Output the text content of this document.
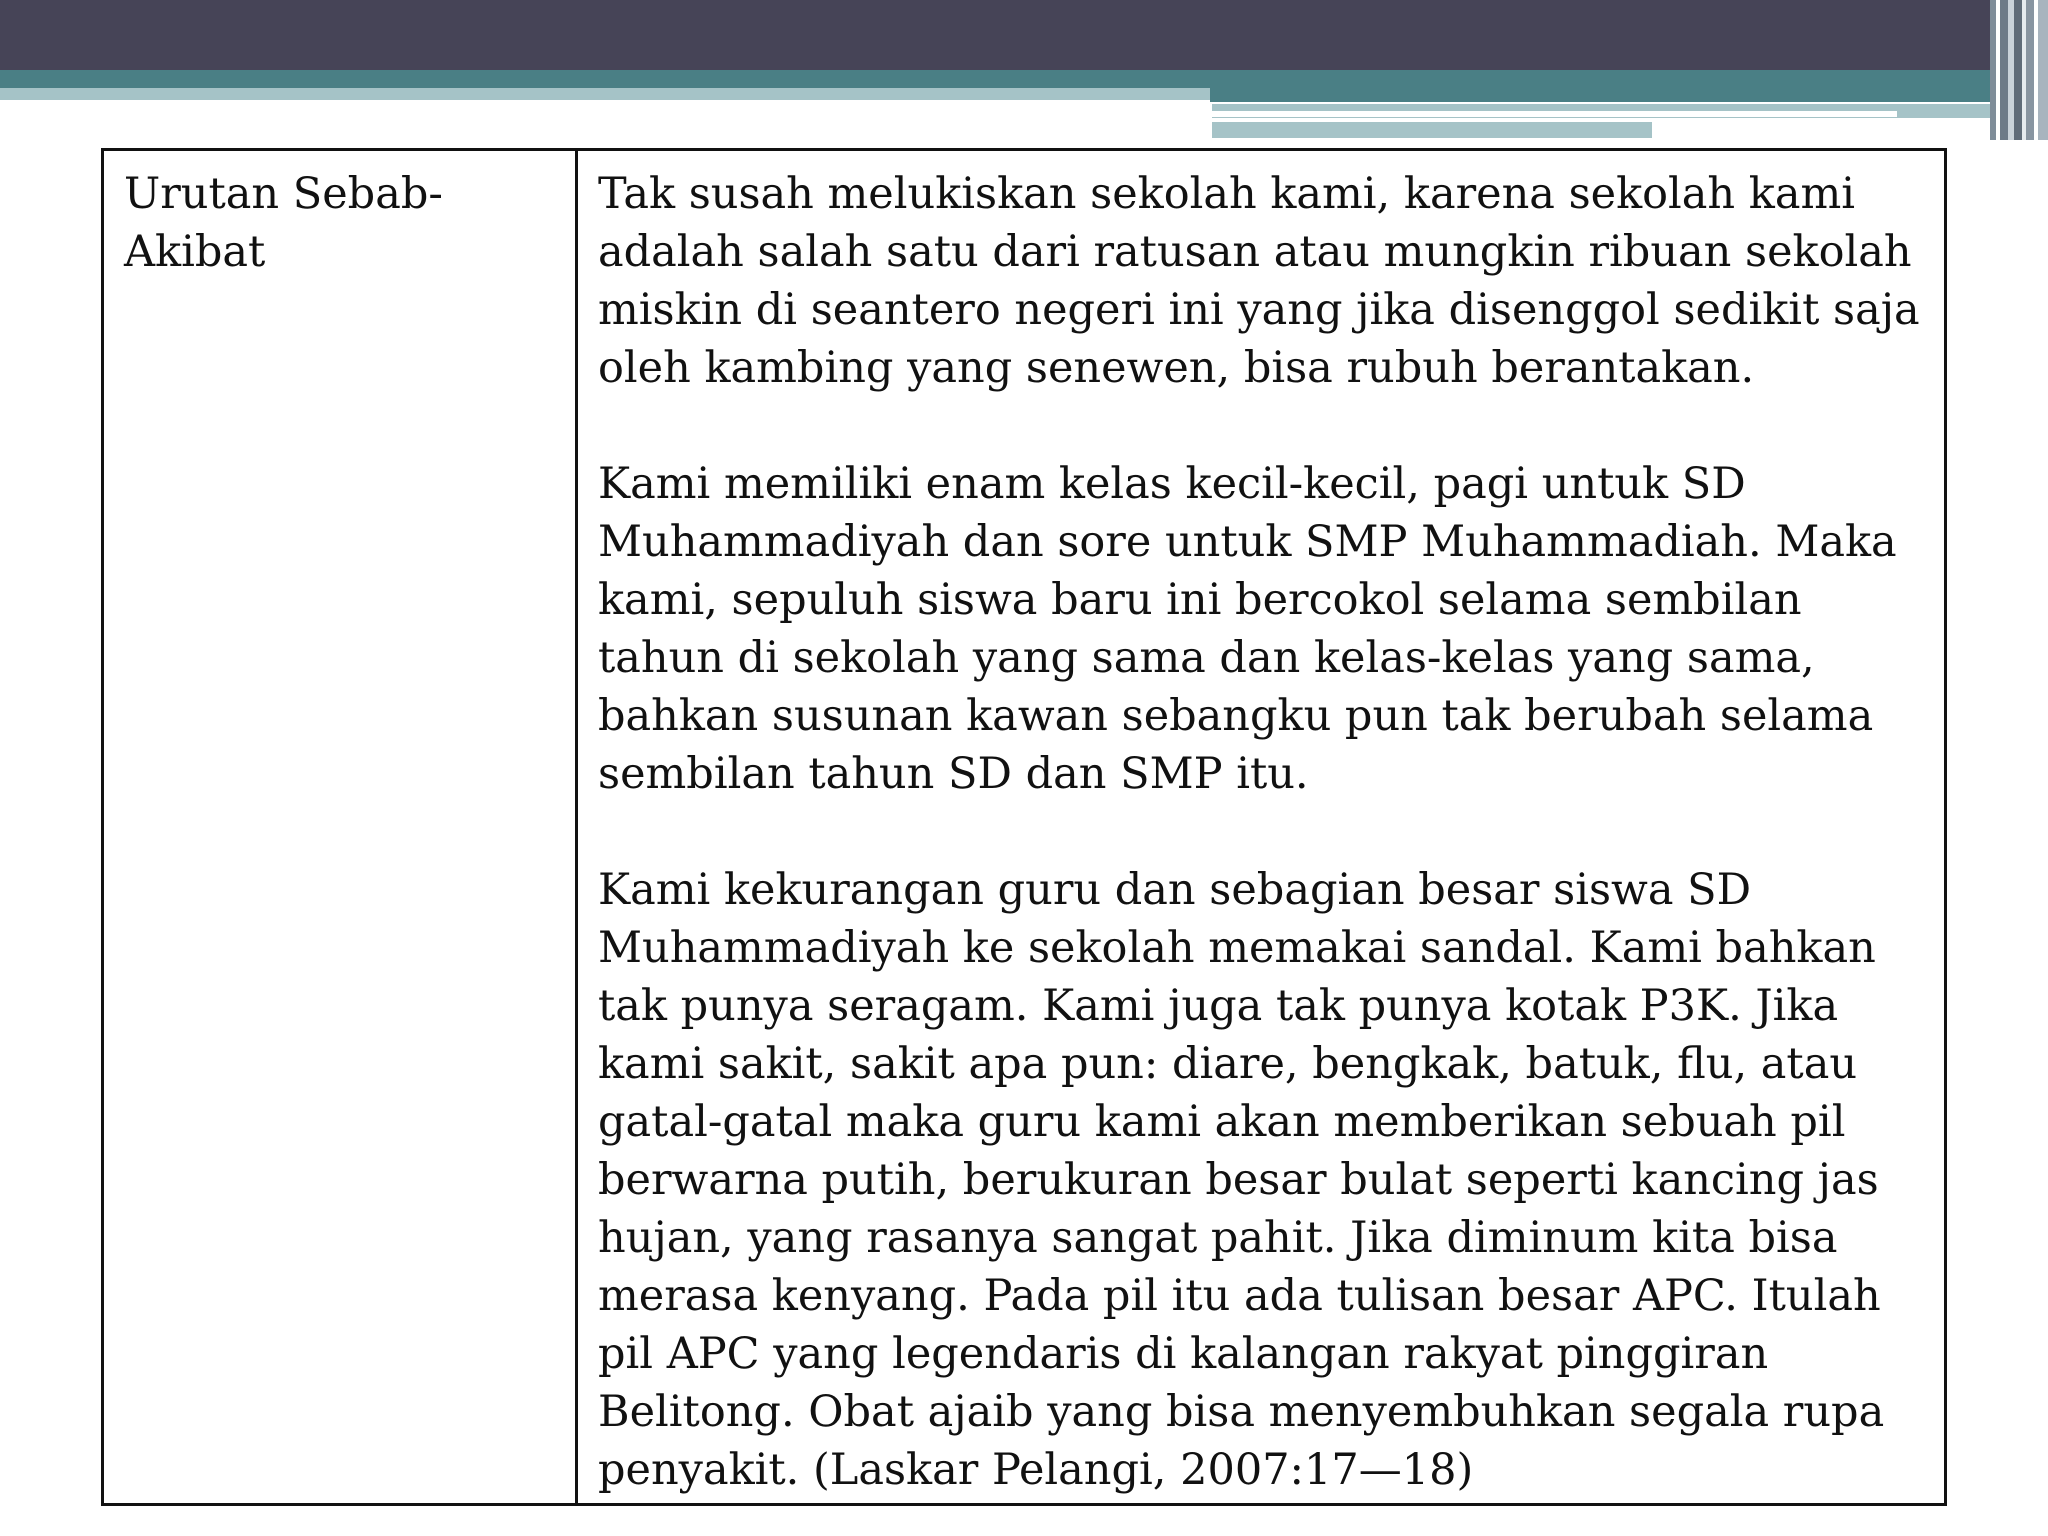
Urutan Sebab-
Akibat

Tak susah melukiskan sekolah kami, karena sekolah kami adalah salah satu dari ratusan atau mungkin ribuan sekolah miskin di seantero negeri ini yang jika disenggol sedikit saja oleh kambing yang senewen, bisa rubuh berantakan.

Kami memiliki enam kelas kecil-kecil, pagi untuk SD Muhammadiyah dan sore untuk SMP Muhammadiah. Maka kami, sepuluh siswa baru ini bercokol selama sembilan tahun di sekolah yang sama dan kelas-kelas yang sama, bahkan susunan kawan sebangku pun tak berubah selama sembilan tahun SD dan SMP itu.

Kami kekurangan guru dan sebagian besar siswa SD Muhammadiyah ke sekolah memakai sandal. Kami bahkan tak punya seragam. Kami juga tak punya kotak P3K. Jika kami sakit, sakit apa pun: diare, bengkak, batuk, flu, atau gatal-gatal maka guru kami akan memberikan sebuah pil berwarna putih, berukuran besar bulat seperti kancing jas hujan, yang rasanya sangat pahit. Jika diminum kita bisa merasa kenyang. Pada pil itu ada tulisan besar APC. Itulah pil APC yang legendaris di kalangan rakyat pinggiran Belitong. Obat ajaib yang bisa menyembuhkan segala rupa penyakit. (Laskar Pelangi, 2007:17—18)
